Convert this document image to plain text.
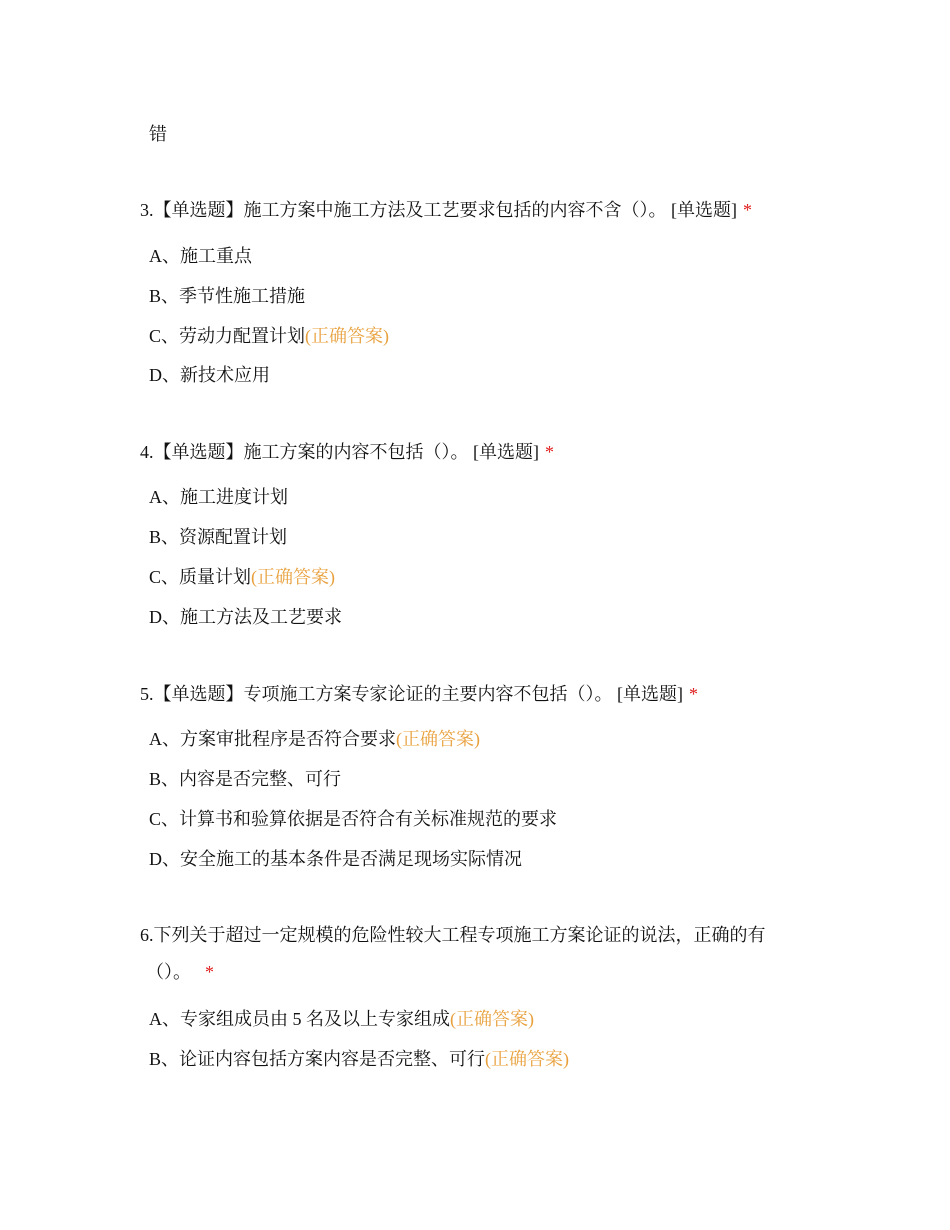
错
3.【单选题】施工方案中施工方法及工艺要求包括的内容不含（）。 [单选题] *
A、施工重点
B、季节性施工措施
C、劳动力配置计划(正确答案)
D、新技术应用
4.【单选题】施工方案的内容不包括（）。 [单选题] *
A、施工进度计划
B、资源配置计划
C、质量计划(正确答案)
D、施工方法及工艺要求
5.【单选题】专项施工方案专家论证的主要内容不包括（）。 [单选题] *
A、方案审批程序是否符合要求(正确答案)
B、内容是否完整、可行
C、计算书和验算依据是否符合有关标准规范的要求
D、安全施工的基本条件是否满足现场实际情况
6.下列关于超过一定规模的危险性较大工程专项施工方案论证的说法，正确的有
（）。 *
A、专家组成员由 5 名及以上专家组成(正确答案)
B、论证内容包括方案内容是否完整、可行(正确答案)
